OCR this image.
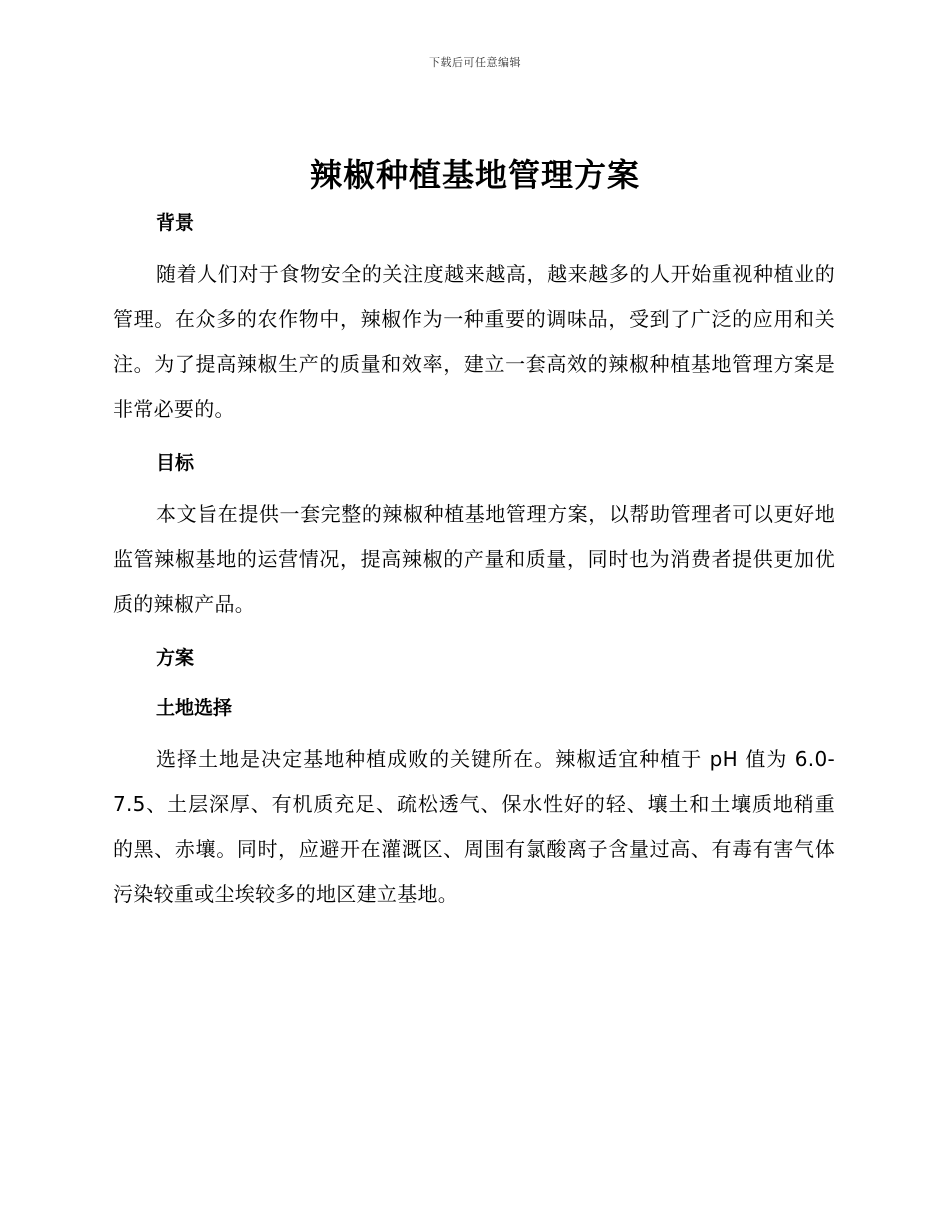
下载后可任意编辑
辣椒种植基地管理方案
背景

随着人们对于食物安全的关注度越来越高，越来越多的人开始重视种植业的管理。在众多的农作物中，辣椒作为一种重要的调味品，受到了广泛的应用和关注。为了提高辣椒生产的质量和效率，建立一套高效的辣椒种植基地管理方案是非常必要的。

目标

本文旨在提供一套完整的辣椒种植基地管理方案，以帮助管理者可以更好地监管辣椒基地的运营情况，提高辣椒的产量和质量，同时也为消费者提供更加优质的辣椒产品。

方案
土地选择

选择土地是决定基地种植成败的关键所在。辣椒适宜种植于 pH 值为 6.0-7.5、土层深厚、有机质充足、疏松透气、保水性好的轻、壤土和土壤质地稍重的黑、赤壤。同时，应避开在灌溉区、周围有氯酸离子含量过高、有毒有害气体污染较重或尘埃较多的地区建立基地。
